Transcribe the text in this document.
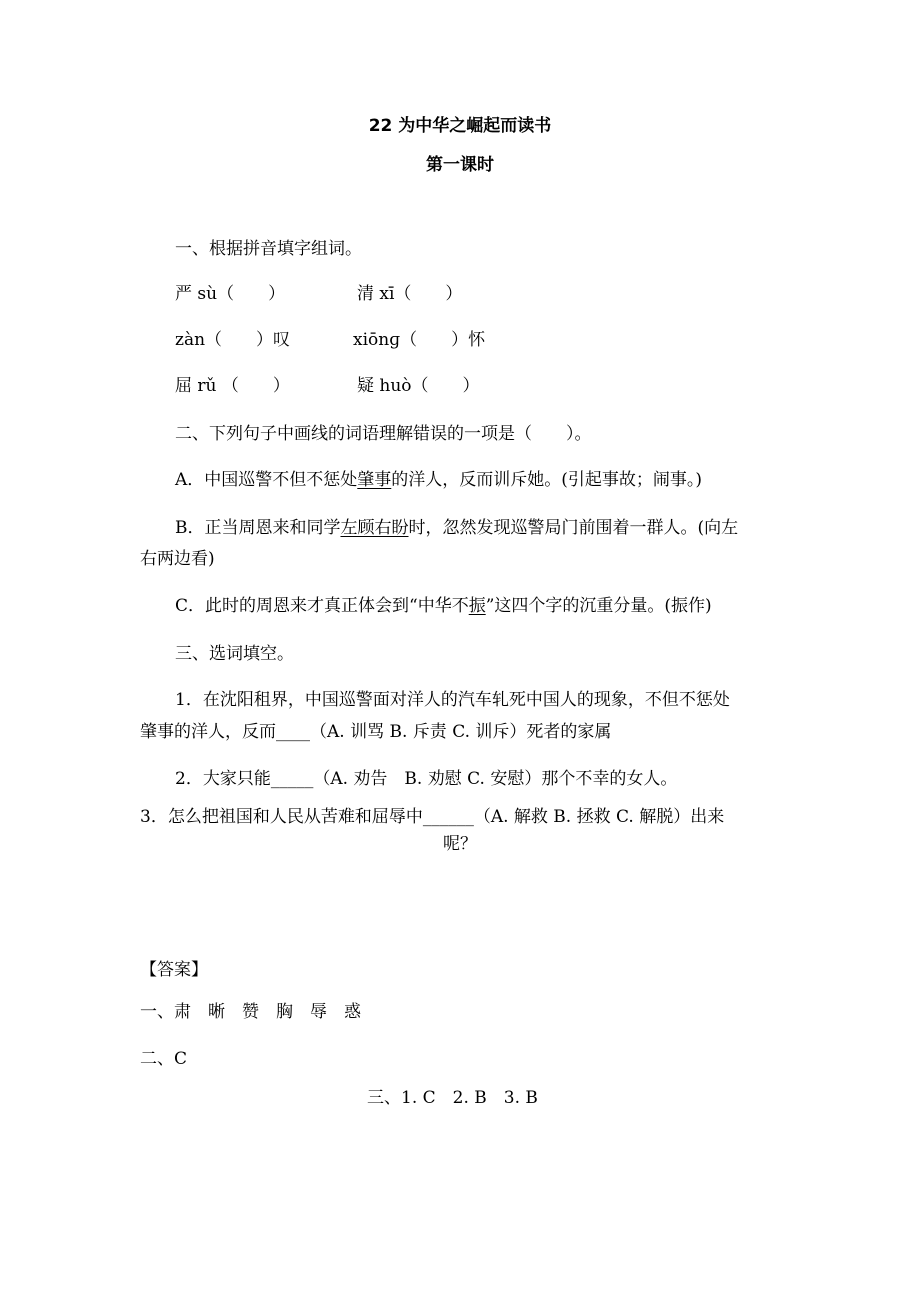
22 为中华之崛起而读书
第一课时
一、根据拼音填字组词。
严 sù（　　）	清 xī（　　）
zàn（　　）叹	xiōnɡ（　　）怀
屈 rǔ （　　）	疑 huò（　　）
二、下列句子中画线的词语理解错误的一项是（　　）。
A．中国巡警不但不惩处肇事的洋人，反而训斥她。(引起事故；闹事。)
B．正当周恩来和同学左顾右盼时，忽然发现巡警局门前围着一群人。(向左
右两边看)
C．此时的周恩来才真正体会到“中华不振”这四个字的沉重分量。(振作)
三、选词填空。
1．在沈阳租界，中国巡警面对洋人的汽车轧死中国人的现象，不但不惩处
肇事的洋人，反而____（A. 训骂 B. 斥责 C. 训斥）死者的家属
2．大家只能_____（A. 劝告　B. 劝慰 C. 安慰）那个不幸的女人。
3．怎么把祖国和人民从苦难和屈辱中______（A. 解救 B. 拯救 C. 解脱）出来
呢？
【答案】
一、肃　晰　赞　胸　辱　惑
二、C
三、1. C　2. B　3. B
